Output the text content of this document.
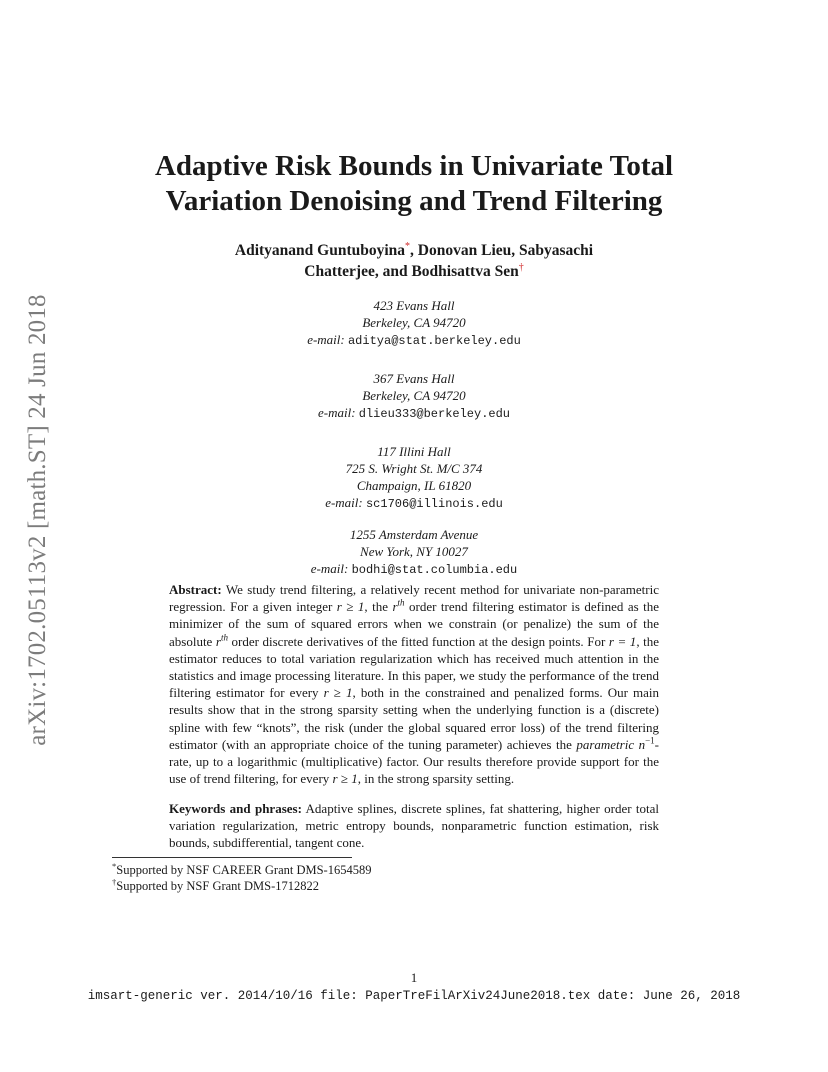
arXiv:1702.05113v2 [math.ST] 24 Jun 2018
Adaptive Risk Bounds in Univariate Total
Variation Denoising and Trend Filtering
Adityanand Guntuboyina*, Donovan Lieu, Sabyasachi
Chatterjee, and Bodhisattva Sen†
423 Evans Hall
Berkeley, CA 94720
e-mail: aditya@stat.berkeley.edu
367 Evans Hall
Berkeley, CA 94720
e-mail: dlieu333@berkeley.edu
117 Illini Hall
725 S. Wright St. M/C 374
Champaign, IL 61820
e-mail: sc1706@illinois.edu
1255 Amsterdam Avenue
New York, NY 10027
e-mail: bodhi@stat.columbia.edu
Abstract: We study trend filtering, a relatively recent method for univariate non-parametric regression. For a given integer r ≥ 1, the $r^{th}$ order trend filtering estimator is defined as the minimizer of the sum of squared errors when we constrain (or penalize) the sum of the absolute $r^{th}$ order discrete derivatives of the fitted function at the design points. For r = 1, the estimator reduces to total variation regularization which has received much attention in the statistics and image processing literature. In this paper, we study the performance of the trend filtering estimator for every r ≥ 1, both in the constrained and penalized forms. Our main results show that in the strong sparsity setting when the underlying function is a (discrete) spline with few “knots”, the risk (under the global squared error loss) of the trend filtering estimator (with an appropriate choice of the tuning parameter) achieves the parametric $n^{-1}$-rate, up to a logarithmic (multiplicative) factor. Our results therefore provide support for the use of trend filtering, for every r ≥ 1, in the strong sparsity setting.
Keywords and phrases: Adaptive splines, discrete splines, fat shattering, higher order total variation regularization, metric entropy bounds, nonparametric function estimation, risk bounds, subdifferential, tangent cone.
*Supported by NSF CAREER Grant DMS-1654589
†Supported by NSF Grant DMS-1712822
1
imsart-generic ver. 2014/10/16 file: PaperTreFilArXiv24June2018.tex date: June 26, 2018
